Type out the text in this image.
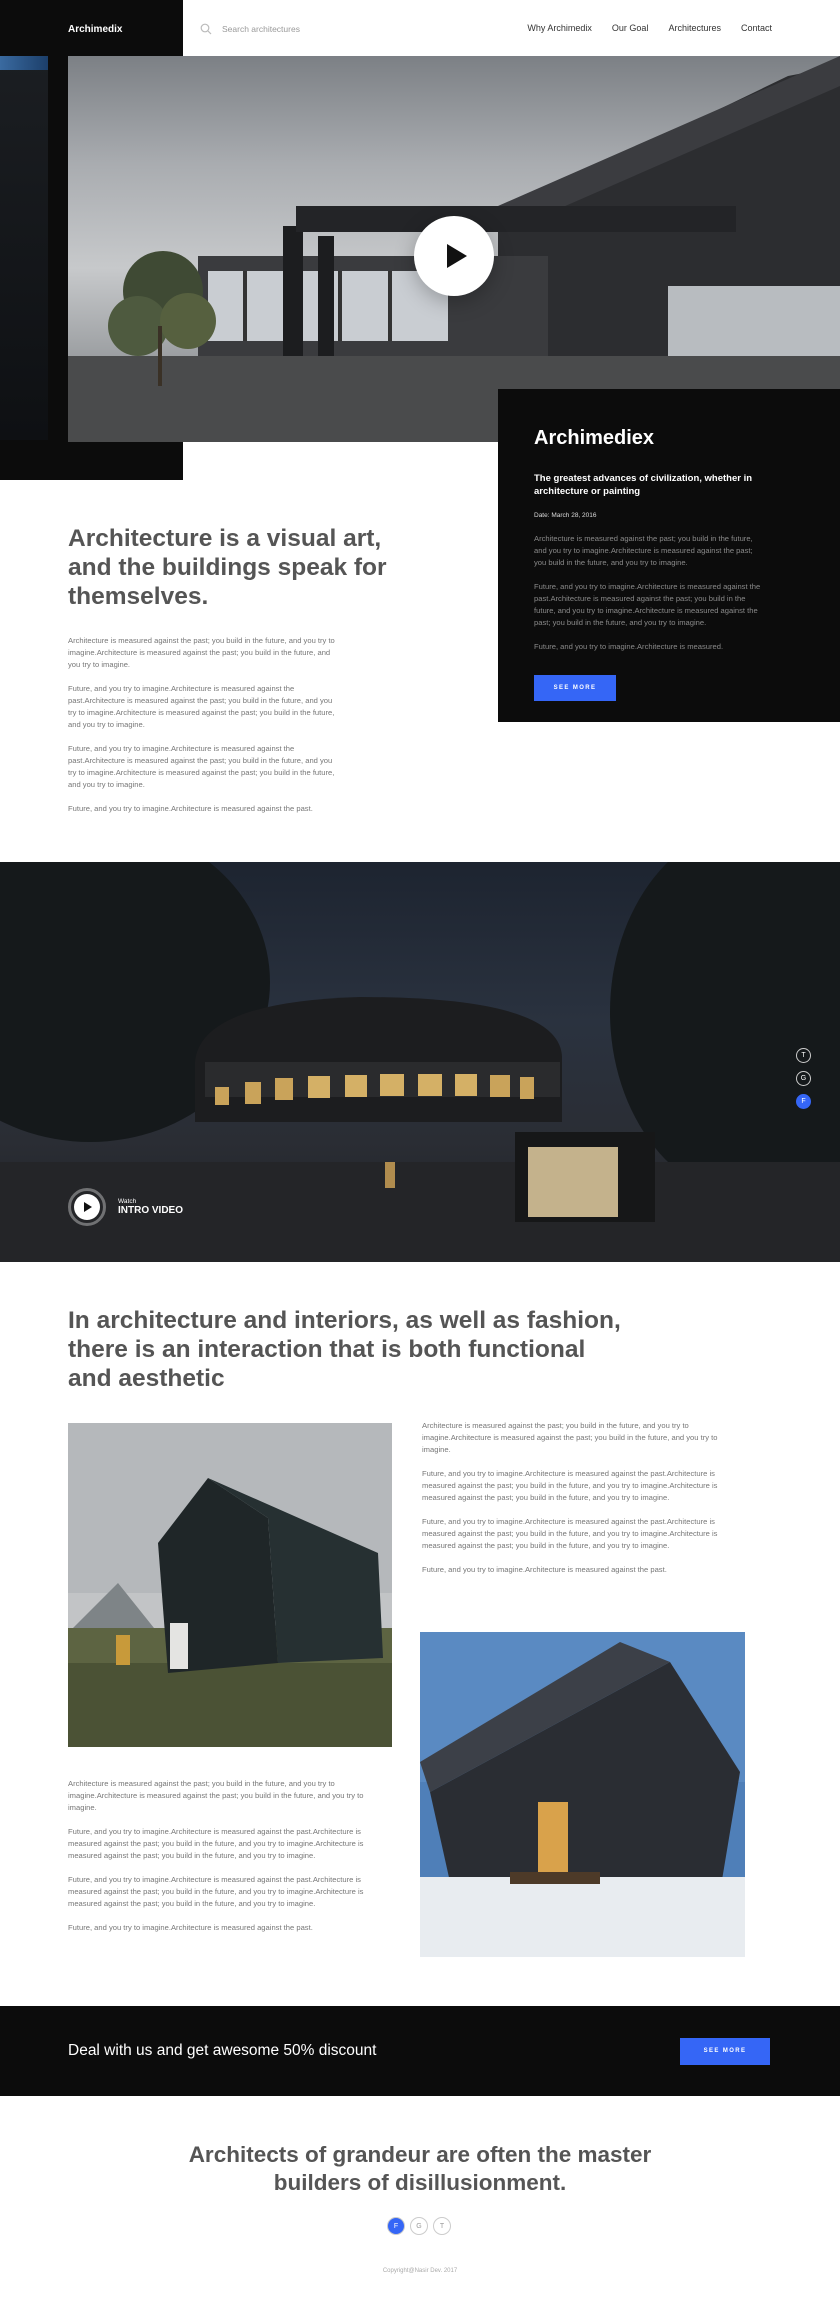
Archimedix	Search architectures	Why Archimedix Our Goal Architectures Contact
Archimediex
The greatest advances of civilization, whether in architecture or painting
Date: March 28, 2016

Architecture is measured against the past; you build in the future, and you try to imagine.Architecture is measured against the past; you build in the future, and you try to imagine.

Future, and you try to imagine.Architecture is measured against the past.Architecture is measured against the past; you build in the future, and you try to imagine.Architecture is measured against the past; you build in the future, and you try to imagine.

Future, and you try to imagine.Architecture is measured.

SEE MORE
Architecture is a visual art, and the buildings speak for themselves.

Architecture is measured against the past; you build in the future, and you try to imagine.Architecture is measured against the past; you build in the future, and you try to imagine.

Future, and you try to imagine.Architecture is measured against the past.Architecture is measured against the past; you build in the future, and you try to imagine.Architecture is measured against the past; you build in the future, and you try to imagine.

Future, and you try to imagine.Architecture is measured against the past.Architecture is measured against the past; you build in the future, and you try to imagine.Architecture is measured against the past; you build in the future, and you try to imagine.

Future, and you try to imagine.Architecture is measured against the past.

T
G
F
Watch
INTRO VIDEO
In architecture and interiors, as well as fashion, there is an interaction that is both functional and aesthetic

Architecture is measured against the past; you build in the future, and you try to imagine.Architecture is measured against the past; you build in the future, and you try to imagine.

Future, and you try to imagine.Architecture is measured against the past.Architecture is measured against the past; you build in the future, and you try to imagine.Architecture is measured against the past; you build in the future, and you try to imagine.

Future, and you try to imagine.Architecture is measured against the past.Architecture is measured against the past; you build in the future, and you try to imagine.Architecture is measured against the past; you build in the future, and you try to imagine.

Future, and you try to imagine.Architecture is measured against the past.

Architecture is measured against the past; you build in the future, and you try to imagine.Architecture is measured against the past; you build in the future, and you try to imagine.

Future, and you try to imagine.Architecture is measured against the past.Architecture is measured against the past; you build in the future, and you try to imagine.Architecture is measured against the past; you build in the future, and you try to imagine.

Future, and you try to imagine.Architecture is measured against the past.Architecture is measured against the past; you build in the future, and you try to imagine.Architecture is measured against the past; you build in the future, and you try to imagine.

Future, and you try to imagine.Architecture is measured against the past.

Deal with us and get awesome 50% discount	SEE MORE
Architects of grandeur are often the master
builders of disillusionment.
F	G	T
Copyright@Nasir Dev. 2017
